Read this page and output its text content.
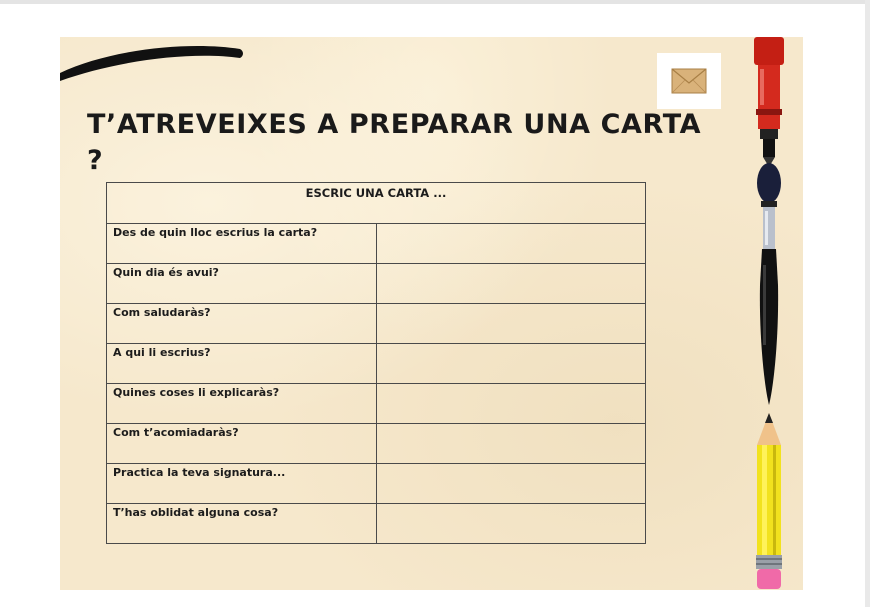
T’ATREVEIXES A PREPARAR UNA CARTA ?
ESCRIC UNA CARTA ...	
Des de quin lloc escrius la carta?	
Quin dia és avui?	
Com saludaràs?	
A qui li escrius?	
Quines coses li explicaràs?	
Com t’acomiadaràs?	
Practica la teva signatura...	
T’has oblidat alguna cosa?	
